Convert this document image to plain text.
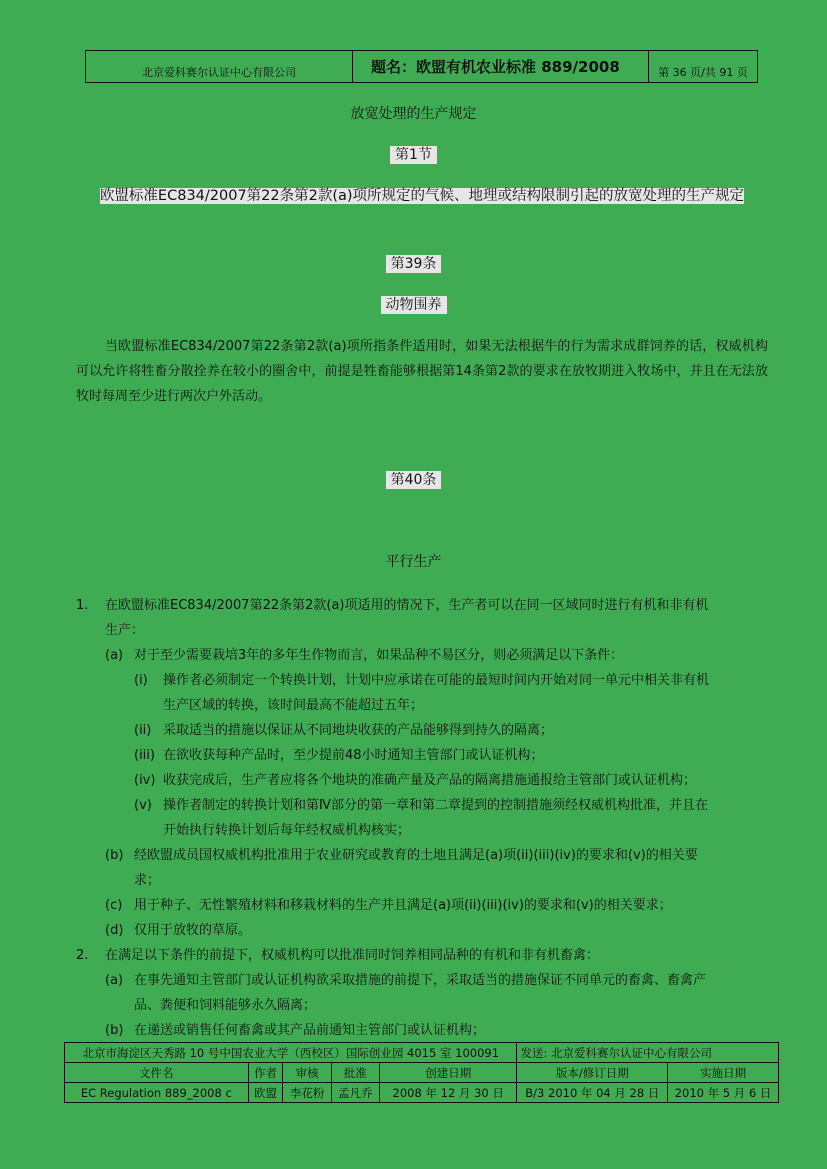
北京爱科赛尔认证中心有限公司	题名：欧盟有机农业标准 889/2008	第 36 页/共 91 页
放宽处理的生产规定
第1节
欧盟标准EC834/2007第22条第2款(a)项所规定的气候、地理或结构限制引起的放宽处理的生产规定
第39条
动物围养
当欧盟标准EC834/2007第22条第2款(a)项所指条件适用时，如果无法根据牛的行为需求成群饲养的话，权威机构可以允许将牲畜分散拴养在较小的圈舍中，前提是牲畜能够根据第14条第2款的要求在放牧期进入牧场中，并且在无法放牧时每周至少进行两次户外活动。
第40条
平行生产
1. 在欧盟标准EC834/2007第22条第2款(a)项适用的情况下，生产者可以在同一区域同时进行有机和非有机
生产：
(a) 对于至少需要栽培3年的多年生作物而言，如果品种不易区分，则必须满足以下条件：
(i) 操作者必须制定一个转换计划，计划中应承诺在可能的最短时间内开始对同一单元中相关非有机
生产区域的转换，该时间最高不能超过五年；
(ii) 采取适当的措施以保证从不同地块收获的产品能够得到持久的隔离；
(iii) 在欲收获每种产品时，至少提前48小时通知主管部门或认证机构；
(iv) 收获完成后，生产者应将各个地块的准确产量及产品的隔离措施通报给主管部门或认证机构；
(v) 操作者制定的转换计划和第Ⅳ部分的第一章和第二章提到的控制措施须经权威机构批准，并且在
开始执行转换计划后每年经权威机构核实；
(b) 经欧盟成员国权威机构批准用于农业研究或教育的土地且满足(a)项(ii)(iii)(iv)的要求和(v)的相关要
求；
(c) 用于种子、无性繁殖材料和移栽材料的生产并且满足(a)项(ii)(iii)(iv)的要求和(v)的相关要求；
(d) 仅用于放牧的草原。
2. 在满足以下条件的前提下，权威机构可以批准同时饲养相同品种的有机和非有机畜禽：
(a) 在事先通知主管部门或认证机构欲采取措施的前提下，采取适当的措施保证不同单元的畜禽、畜禽产
品、粪便和饲料能够永久隔离；
(b) 在递送或销售任何畜禽或其产品前通知主管部门或认证机构；
北京市海淀区天秀路 10 号中国农业大学（西校区）国际创业园 4015 室 100091					发送: 北京爱科赛尔认证中心有限公司	
文件名	作者	审核	批准	创建日期	版本/修订日期	实施日期
EC Regulation 889_2008 c	欧盟	李花粉	孟凡乔	2008 年 12 月 30 日	B/3 2010 年 04 月 28 日	2010 年 5 月 6 日
